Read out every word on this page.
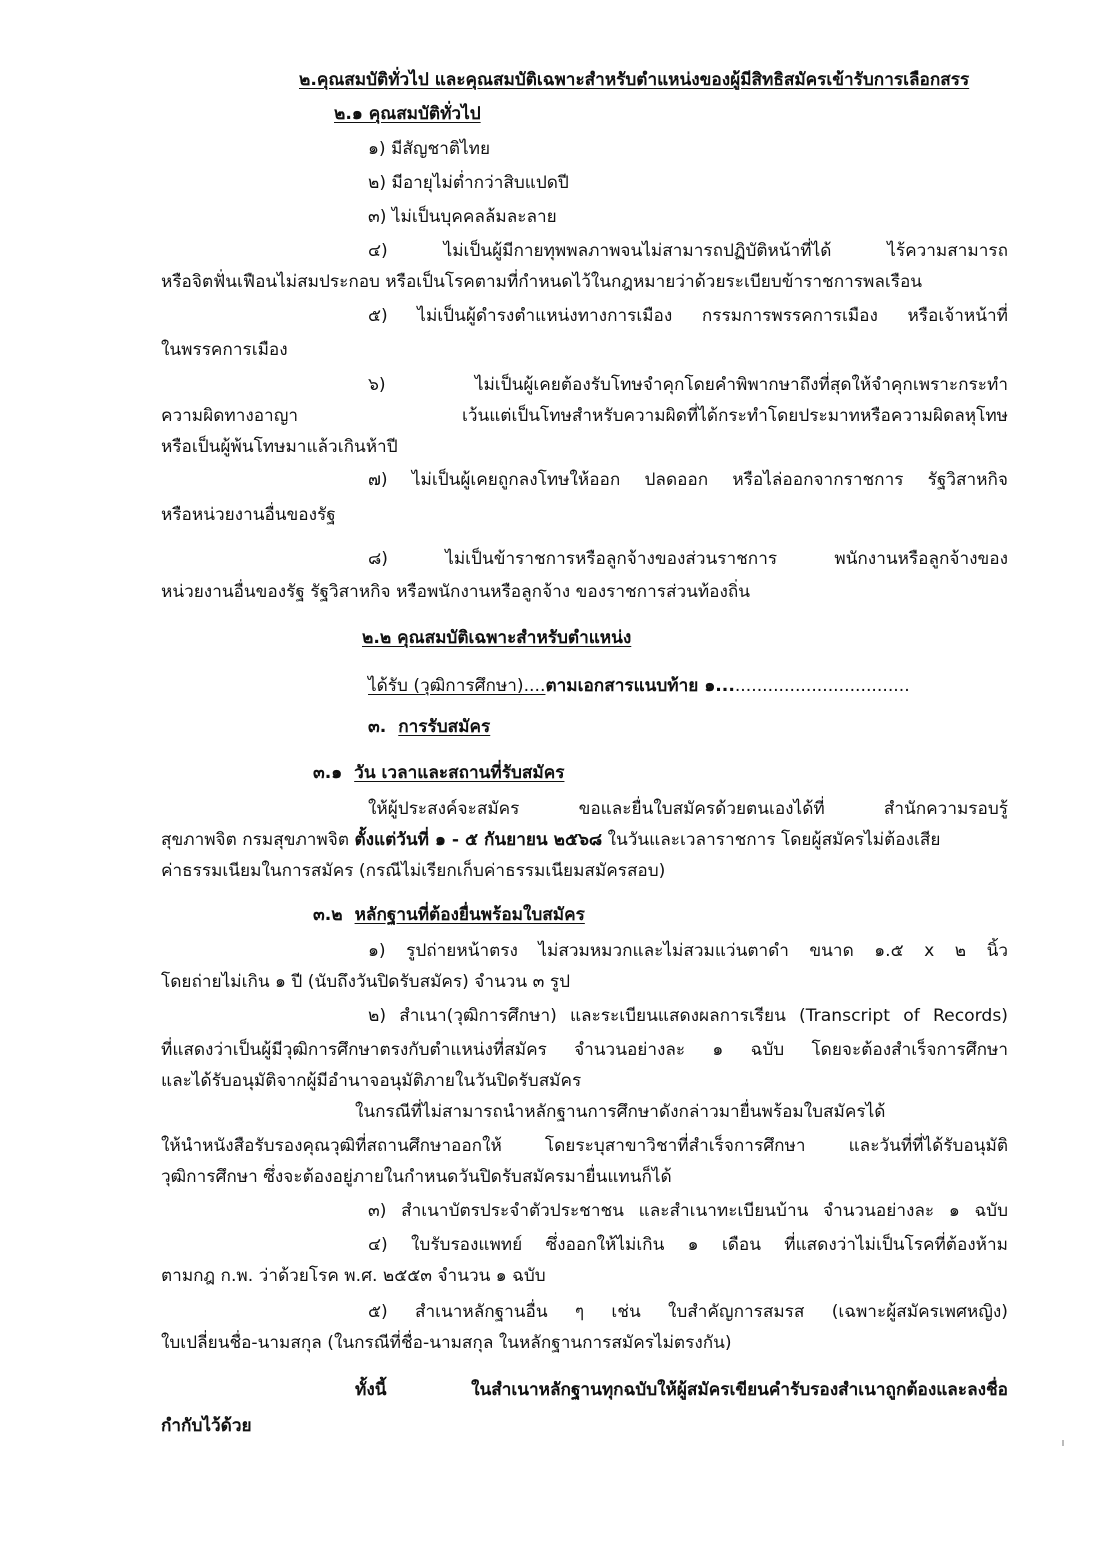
๒.คุณสมบัติทั่วไป และคุณสมบัติเฉพาะสำหรับตำแหน่งของผู้มีสิทธิสมัครเข้ารับการเลือกสรร
๒.๑ คุณสมบัติทั่วไป
๑) มีสัญชาติไทย
๒) มีอายุไม่ต่ำกว่าสิบแปดปี
๓) ไม่เป็นบุคคลล้มละลาย
๔) ไม่เป็นผู้มีกายทุพพลภาพจนไม่สามารถปฏิบัติหน้าที่ได้ ไร้ความสามารถ
หรือจิตฟั่นเฟือนไม่สมประกอบ หรือเป็นโรคตามที่กำหนดไว้ในกฎหมายว่าด้วยระเบียบข้าราชการพลเรือน
๕) ไม่เป็นผู้ดำรงตำแหน่งทางการเมือง กรรมการพรรคการเมือง หรือเจ้าหน้าที่
ในพรรคการเมือง
๖) ไม่เป็นผู้เคยต้องรับโทษจำคุกโดยคำพิพากษาถึงที่สุดให้จำคุกเพราะกระทำ
ความผิดทางอาญา เว้นแต่เป็นโทษสำหรับความผิดที่ได้กระทำโดยประมาทหรือความผิดลหุโทษ
หรือเป็นผู้พ้นโทษมาแล้วเกินห้าปี
๗) ไม่เป็นผู้เคยถูกลงโทษให้ออก ปลดออก หรือไล่ออกจากราชการ รัฐวิสาหกิจ
หรือหน่วยงานอื่นของรัฐ
๘) ไม่เป็นข้าราชการหรือลูกจ้างของส่วนราชการ พนักงานหรือลูกจ้างของ
หน่วยงานอื่นของรัฐ รัฐวิสาหกิจ หรือพนักงานหรือลูกจ้าง ของราชการส่วนท้องถิ่น
๒.๒ คุณสมบัติเฉพาะสำหรับตำแหน่ง
ได้รับ (วุฒิการศึกษา)....ตามเอกสารแนบท้าย ๑...................................
๓. การรับสมัคร
๓.๑ วัน เวลาและสถานที่รับสมัคร
ให้ผู้ประสงค์จะสมัคร ขอและยื่นใบสมัครด้วยตนเองได้ที่ สำนักความรอบรู้
สุขภาพจิต กรมสุขภาพจิต ตั้งแต่วันที่ ๑ - ๕ กันยายน ๒๕๖๘ ในวันและเวลาราชการ โดยผู้สมัครไม่ต้องเสีย
ค่าธรรมเนียมในการสมัคร (กรณีไม่เรียกเก็บค่าธรรมเนียมสมัครสอบ)
๓.๒ หลักฐานที่ต้องยื่นพร้อมใบสมัคร
๑) รูปถ่ายหน้าตรง ไม่สวมหมวกและไม่สวมแว่นตาดำ ขนาด ๑.๕ x ๒ นิ้ว
โดยถ่ายไม่เกิน ๑ ปี (นับถึงวันปิดรับสมัคร) จำนวน ๓ รูป
๒) สำเนา(วุฒิการศึกษา) และระเบียนแสดงผลการเรียน (Transcript of Records)
ที่แสดงว่าเป็นผู้มีวุฒิการศึกษาตรงกับตำแหน่งที่สมัคร จำนวนอย่างละ ๑ ฉบับ โดยจะต้องสำเร็จการศึกษา
และได้รับอนุมัติจากผู้มีอำนาจอนุมัติภายในวันปิดรับสมัคร
ในกรณีที่ไม่สามารถนำหลักฐานการศึกษาดังกล่าวมายื่นพร้อมใบสมัครได้
ให้นำหนังสือรับรองคุณวุฒิที่สถานศึกษาออกให้ โดยระบุสาขาวิชาที่สำเร็จการศึกษา และวันที่ที่ได้รับอนุมัติ
วุฒิการศึกษา ซึ่งจะต้องอยู่ภายในกำหนดวันปิดรับสมัครมายื่นแทนก็ได้
๓) สำเนาบัตรประจำตัวประชาชน และสำเนาทะเบียนบ้าน จำนวนอย่างละ ๑ ฉบับ
๔) ใบรับรองแพทย์ ซึ่งออกให้ไม่เกิน ๑ เดือน ที่แสดงว่าไม่เป็นโรคที่ต้องห้าม
ตามกฎ ก.พ. ว่าด้วยโรค พ.ศ. ๒๕๕๓ จำนวน ๑ ฉบับ
๕) สำเนาหลักฐานอื่น ๆ เช่น ใบสำคัญการสมรส (เฉพาะผู้สมัครเพศหญิง)
ใบเปลี่ยนชื่อ-นามสกุล (ในกรณีที่ชื่อ-นามสกุล ในหลักฐานการสมัครไม่ตรงกัน)
ทั้งนี้ ในสำเนาหลักฐานทุกฉบับให้ผู้สมัครเขียนคำรับรองสำเนาถูกต้องและลงชื่อ
กำกับไว้ด้วย
